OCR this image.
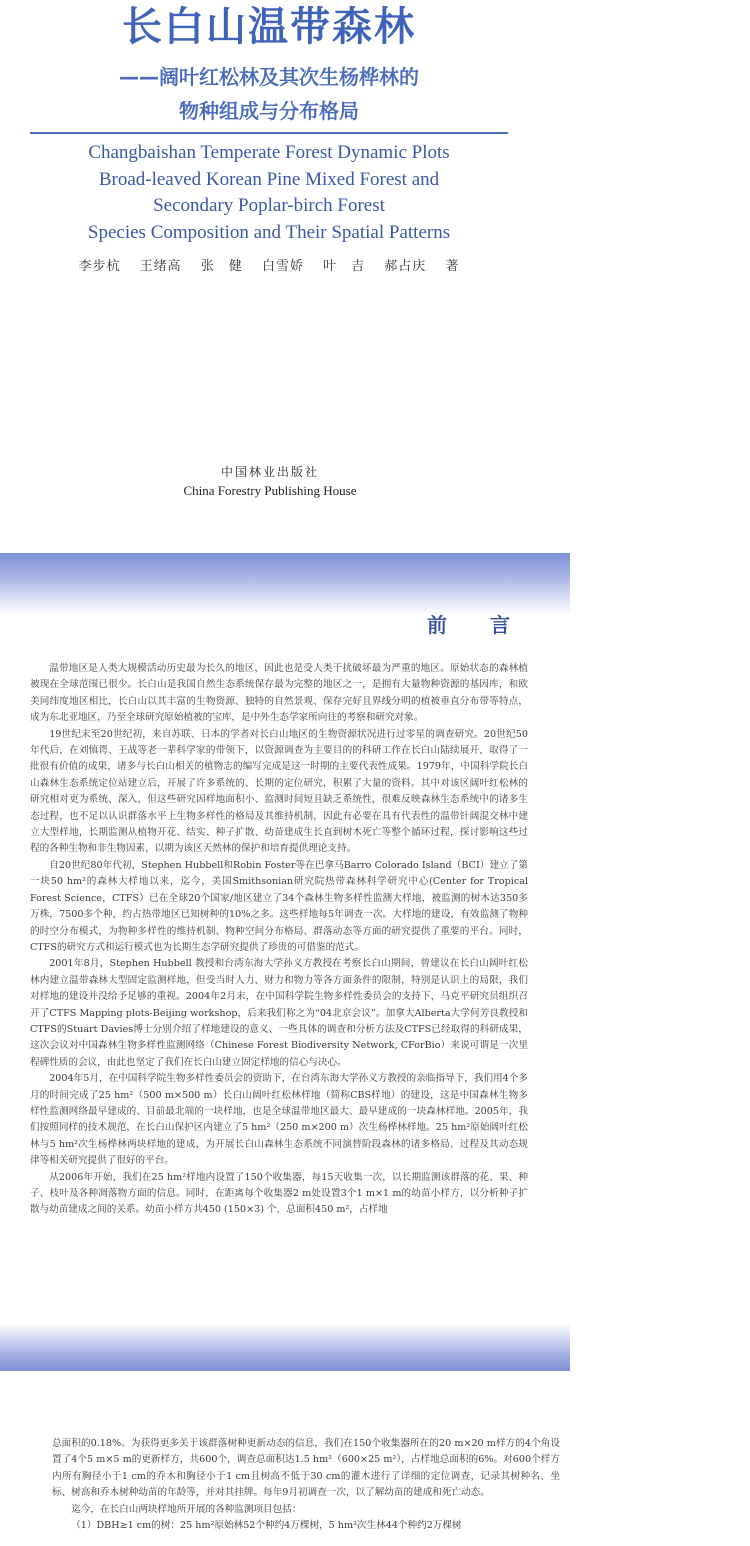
长白山温带森林
——阔叶红松林及其次生杨桦林的
物种组成与分布格局
Changbaishan Temperate Forest Dynamic Plots
Broad-leaved Korean Pine Mixed Forest and
Secondary Poplar-birch Forest
Species Composition and Their Spatial Patterns
李步杭 王绪高 张　健 白雪娇 叶　吉 郝占庆 著
中国林业出版社
China Forestry Publishing House
前 言

温带地区是人类大规模活动历史最为长久的地区，因此也是受人类干扰破坏最为严重的地区。原始状态的森林植被现在全球范围已很少。长白山是我国自然生态系统保存最为完整的地区之一，是拥有大量物种资源的基因库，和欧美同纬度地区相比，长白山以其丰富的生物资源、独特的自然景观、保存完好且界线分明的植被垂直分布带等特点，成为东北亚地区，乃至全球研究原始植被的宝库，是中外生态学家所向往的考察和研究对象。

19世纪末至20世纪初，来自苏联、日本的学者对长白山地区的生物资源状况进行过零星的调查研究。20世纪50年代后，在刘慎谔、王战等老一辈科学家的带领下，以资源调查为主要目的的科研工作在长白山陆续展开，取得了一批很有价值的成果，诸多与长白山相关的植物志的编写完成是这一时期的主要代表性成果。1979年，中国科学院长白山森林生态系统定位站建立后，开展了许多系统的、长期的定位研究，积累了大量的资料。其中对该区阔叶红松林的研究相对更为系统、深入，但这些研究因样地面积小、监测时间短且缺乏系统性，很难反映森林生态系统中的诸多生态过程，也不足以认识群落水平上生物多样性的格局及其维持机制，因此有必要在具有代表性的温带针阔混交林中建立大型样地，长期监测从植物开花、结实、种子扩散、幼苗建成生长直到树木死亡等整个循环过程，探讨影响这些过程的各种生物和非生物因素，以期为该区天然林的保护和培育提供理论支持。

自20世纪80年代初，Stephen Hubbell和Robin Foster等在巴拿马Barro Colorado Island（BCI）建立了第一块50 hm²的森林大样地以来，迄今，美国Smithsonian研究院热带森林科学研究中心(Center for Tropical Forest Science，CTFS）已在全球20个国家/地区建立了34个森林生物多样性监测大样地，被监测的树木达350多万株，7500多个种，约占热带地区已知树种的10%之多。这些样地每5年调查一次。大样地的建设，有效监测了物种的时空分布模式，为物种多样性的维持机制、物种空间分布格局、群落动态等方面的研究提供了重要的平台。同时，CTFS的研究方式和运行模式也为长期生态学研究提供了珍贵的可借鉴的范式。

2001年8月，Stephen Hubbell 教授和台湾东海大学孙义方教授在考察长白山期间，曾建议在长白山阔叶红松林内建立温带森林大型固定监测样地，但受当时人力、财力和物力等各方面条件的限制，特别是认识上的局限，我们对样地的建设并没给予足够的重视。2004年2月末，在中国科学院生物多样性委员会的支持下，马克平研究员组织召开了CTFS Mapping plots-Beijing workshop，后来我们称之为“04北京会议”。加拿大Alberta大学何芳良教授和CTFS的Stuart Davies博士分别介绍了样地建设的意义、一些具体的调查和分析方法及CTFS已经取得的科研成果，这次会议对中国森林生物多样性监测网络（Chinese Forest Biodiversity Network, CForBio）来说可谓是一次里程碑性质的会议，由此也坚定了我们在长白山建立固定样地的信心与决心。

2004年5月，在中国科学院生物多样性委员会的资助下，在台湾东海大学孙义方教授的亲临指导下，我们用4个多月的时间完成了25 hm²（500 m×500 m）长白山阔叶红松林样地（简称CBS样地）的建设，这是中国森林生物多样性监测网络最早建成的、目前最北端的一块样地，也是全球温带地区最大、最早建成的一块森林样地。2005年，我们按照同样的技术规范，在长白山保护区内建立了5 hm²（250 m×200 m）次生杨桦林样地。25 hm²原始阔叶红松林与5 hm²次生杨桦林两块样地的建成，为开展长白山森林生态系统不同演替阶段森林的诸多格局、过程及其动态规律等相关研究提供了很好的平台。

从2006年开始，我们在25 hm²样地内设置了150个收集器，每15天收集一次，以长期监测该群落的花、果、种子、枝叶及各种凋落物方面的信息。同时，在距离每个收集器2 m处设置3个1 m×1 m的幼苗小样方，以分析种子扩散与幼苗建成之间的关系。幼苗小样方共450 (150×3) 个，总面积450 m²，占样地

总面积的0.18%。为获得更多关于该群落树种更新动态的信息，我们在150个收集器所在的20 m×20 m样方的4个角设置了4个5 m×5 m的更新样方，共600个，调查总面积达1.5 hm²（600×25 m²），占样地总面积的6%。对600个样方内所有胸径小于1 cm的乔木和胸径小于1 cm且树高不低于30 cm的灌木进行了详细的定位调查，记录其树种名、坐标、树高和乔木树种幼苗的年龄等，并对其挂牌。每年9月初调查一次，以了解幼苗的建成和死亡动态。

迄今，在长白山两块样地所开展的各种监测项目包括：

（1）DBH≥1 cm的树：25 hm²原始林52个种约4万棵树，5 hm²次生林44个种约2万棵树
